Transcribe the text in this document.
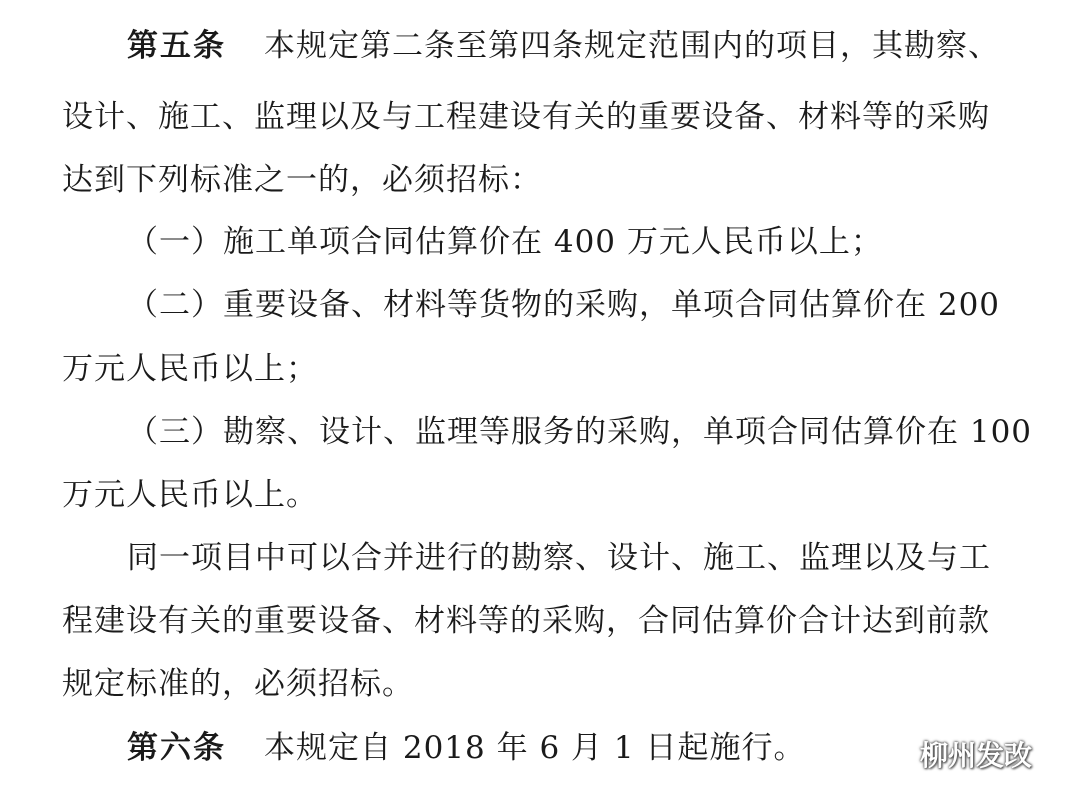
第五条 本规定第二条至第四条规定范围内的项目，其勘察、
设计、施工、监理以及与工程建设有关的重要设备、材料等的采购
达到下列标准之一的，必须招标：
（一）施工单项合同估算价在 400 万元人民币以上；
（二）重要设备、材料等货物的采购，单项合同估算价在 200
万元人民币以上；
（三）勘察、设计、监理等服务的采购，单项合同估算价在 100
万元人民币以上。
同一项目中可以合并进行的勘察、设计、施工、监理以及与工
程建设有关的重要设备、材料等的采购，合同估算价合计达到前款
规定标准的，必须招标。
第六条 本规定自 2018 年 6 月 1 日起施行。	柳州发改
